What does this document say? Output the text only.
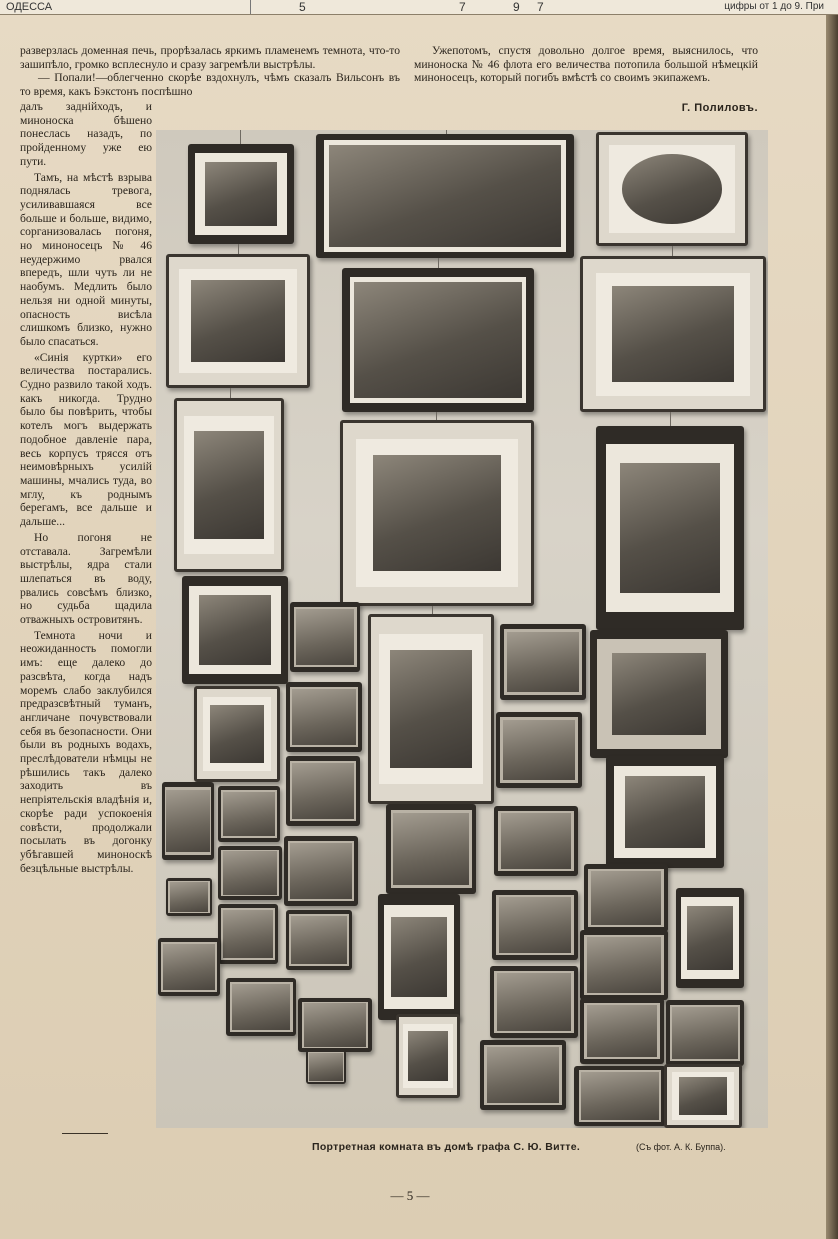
ОДЕССА	5	7	9 7	цифры от 1 до 9. При

разверзлась доменная печь, прорѣзалась яркимъ пламенемъ темнота, что-то зашипѣло, громко всплеснуло и сразу загремѣли выстрѣлы.

— Попали!—облегченно скорѣе вздохнулъ, чѣмъ сказалъ Вильсонъ въ то время, какъ Бэкстонъ поспѣшно

Ужепотомъ, спустя довольно долгое время, выяснилось, что миноноска № 46 флота его величества потопила большой нѣмецкій миноносецъ, который погибъ вмѣстѣ со своимъ экипажемъ.

Г. Полиловъ.

далъ заднійходъ, и миноноска бѣшено понеслась назадъ, по пройденному уже ею пути.

Тамъ, на мѣстѣ взрыва поднялась тревога, усиливавшаяся все больше и больше, видимо, сорганизовалась погоня, но миноносецъ № 46 неудержимо рвался впередъ, шли чуть ли не наобумъ. Медлить было нельзя ни одной минуты, опасность висѣла слишкомъ близко, нужно было спасаться.

«Синія куртки» его величества постарались. Судно развило такой ходъ. какъ никогда. Трудно было бы повѣрить, чтобы котелъ могъ выдержать подобное давленіе пара, весь корпусъ трясся отъ неимовѣрныхъ усилій машины, мчались туда, во мглу, къ роднымъ берегамъ, все дальше и дальше...

Но погоня не отставала. Загремѣли выстрѣлы, ядра стали шлепаться въ воду, рвались совсѣмъ близко, но судьба щадила отважныхъ островитянъ.

Темнота ночи и неожиданность помогли имъ: еще далеко до разсвѣта, когда надъ моремъ слабо заклубился предразсвѣтный туманъ, англичане почувствовали себя въ безопасности. Они были въ родныхъ водахъ, преслѣдователи нѣмцы не рѣшились такъ далеко заходить въ непріятельскія владѣнія и, скорѣе ради успокоенія совѣсти, продолжали посылать въ догонку убѣгавшей миноноскѣ безцѣльные выстрѣлы.

Портретная комната въ домѣ графа С. Ю. Витте.	(Съ фот. А. К. Буппа).
— 5 —
